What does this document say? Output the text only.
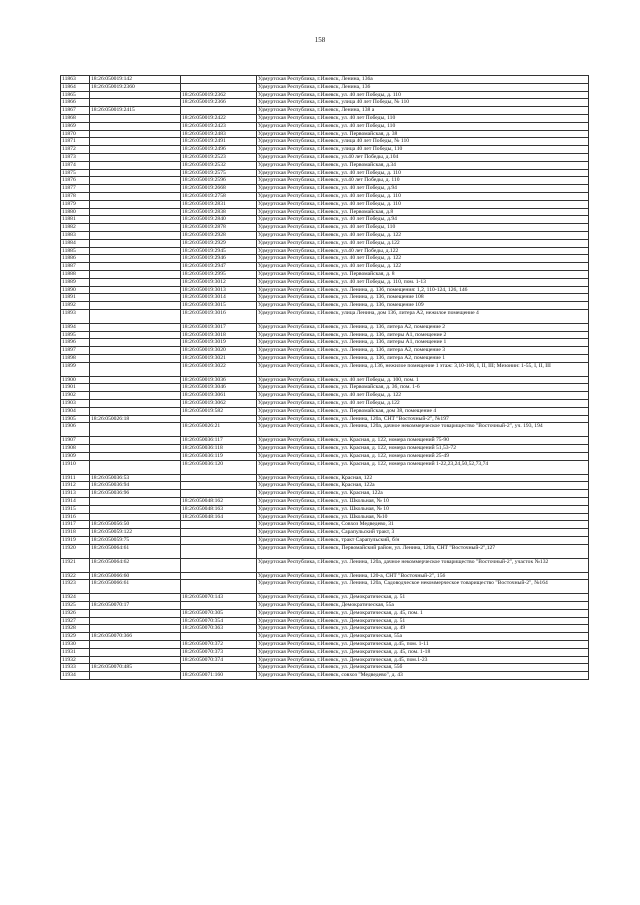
158
11863	18:26:050019:142		Удмуртская Республика, г.Ижевск, Ленина, 136а
11864	18:26:050019:2360		Удмуртская Республика, г.Ижевск, Ленина, 136
11865		18:26:050019:2362	Удмуртская Республика, г.Ижевск, ул. 40 лет Победы, д. 110
11866		18:26:050019:2366	Удмуртская Республика, г.Ижевск, улица 40 лет Победы, № 110
11867	18:26:050019:2415		Удмуртская Республика, г.Ижевск, Ленина, 138 а
11868		18:26:050019:2422	Удмуртская Республика, г.Ижевск, ул. 40 лет Победы, 110
11869		18:26:050019:2423	Удмуртская Республика, г.Ижевск, ул. 40 лет Победы, 110
11870		18:26:050019:2483	Удмуртская Республика, г.Ижевск, ул. Первомайская, д. 38
11871		18:26:050019:2491	Удмуртская Республика, г.Ижевск, улица 40 лет Победы, № 110
11872		18:26:050019:2496	Удмуртская Республика, г.Ижевск, улица 40 лет Победы, 110
11873		18:26:050019:2523	Удмуртская Республика, г.Ижевск, ул.40 лет Победы, д.104
11874		18:26:050019:2532	Удмуртская Республика, г.Ижевск, ул. Первомайская, д.34
11875		18:26:050019:2575	Удмуртская Республика, г.Ижевск, ул. 40 лет Победы, д. 110
11876		18:26:050019:2596	Удмуртская Республика, г.Ижевск, ул.40 лет Победы, д. 110
11877		18:26:050019:2668	Удмуртская Республика, г.Ижевск, ул. 40 лет Победы, д.94
11878		18:26:050019:2758	Удмуртская Республика, г.Ижевск, ул. 40 лет Победы, д. 110
11879		18:26:050019:2831	Удмуртская Республика, г.Ижевск, ул. 40 лет Победы, д. 110
11880		18:26:050019:2838	Удмуртская Республика, г.Ижевск, ул. Первомайская, д.8
11881		18:26:050019:2840	Удмуртская Республика, г.Ижевск, ул. 40 лет Победы, д.94
11882		18:26:050019:2878	Удмуртская Республика, г.Ижевск, ул. 40 лет Победы, 110
11883		18:26:050019:2928	Удмуртская Республика, г.Ижевск, ул. 40 лет Победы, д. 122
11884		18:26:050019:2929	Удмуртская Республика, г.Ижевск, ул. 40 лет Победы, д.122
11885		18:26:050019:2945	Удмуртская Республика, г.Ижевск, ул.40 лет Победы, д.122
11886		18:26:050019:2946	Удмуртская Республика, г.Ижевск, ул. 40 лет Победы, д. 122
11887		18:26:050019:2947	Удмуртская Республика, г.Ижевск, ул. 40 лет Победы, д. 122
11888		18:26:050019:2995	Удмуртская Республика, г.Ижевск, ул. Первомайская, д. 8
11889		18:26:050019:3012	Удмуртская Республика, г.Ижевск, ул. 40 лет Победы, д. 110, пом. 1-13
11890		18:26:050019:3013	Удмуртская Республика, г.Ижевск, ул. Ленина, д. 136, помещения: 1,2, 110-124, 126, 146
11891		18:26:050019:3014	Удмуртская Республика, г.Ижевск, ул. Ленина, д. 136, помещение 108
11892		18:26:050019:3015	Удмуртская Республика, г.Ижевск, ул. Ленина, д. 136, помещение 109
11893		18:26:050019:3016	Удмуртская Республика, г.Ижевск, улица Ленина, дом 136, литера А2, нежилое помещение 4
11894		18:26:050019:3017	Удмуртская Республика, г.Ижевск, ул. Ленина, д. 136, литера А2, помещение 2
11895		18:26:050019:3018	Удмуртская Республика, г.Ижевск, ул. Ленина, д. 136, литеры А1, помещение 2
11896		18:26:050019:3019	Удмуртская Республика, г.Ижевск, ул. Ленина, д. 136, литеры А1, помещение 1
11897		18:26:050019:3020	Удмуртская Республика, г.Ижевск, ул. Ленина, д. 136, литера А2, помещение 3
11898		18:26:050019:3021	Удмуртская Республика, г.Ижевск, ул. Ленина, д. 136, литера А2, помещение 1
11899		18:26:050019:3022	Удмуртская Республика, г.Ижевск, ул. Ленина, д.136, нежилое помещение 1 этаж: 3,10-106, I, II, III; Мезонин: 1-55, I, II, III
11900		18:26:050019:3036	Удмуртская Республика, г.Ижевск, ул. 40 лет Победы, д. 100, пом. 1
11901		18:26:050019:3046	Удмуртская Республика, г.Ижевск, ул. Первомайская, д. 36, пом. 1-6
11902		18:26:050019:3061	Удмуртская Республика, г.Ижевск, ул. 40 лет Победы, д. 122
11903		18:26:050019:3062	Удмуртская Республика, г.Ижевск, ул. 40 лет Победы, д.122
11904		18:26:050019:582	Удмуртская Республика, г.Ижевск, ул. Первомайская, дом 38, помещение 4
11905	18:26:050026:18		Удмуртская Республика, г.Ижевск, ул. Ленина, 120а, СНТ "Восточный-2", №197
11906		18:26:050026:21	Удмуртская Республика, г.Ижевск, ул. Ленина, 120а, дачное некоммерческое товарищество "Восточный-2", уч. 193, 194
11907		18:26:050036:117	Удмуртская Республика, г.Ижевск, ул. Красная, д. 122, номера помещений 75-90
11908		18:26:050036:118	Удмуртская Республика, г.Ижевск, ул. Красная, д. 122, номера помещений 51,53-72
11909		18:26:050036:119	Удмуртская Республика, г.Ижевск, ул. Красная, д. 122, номера помещений 25-49
11910		18:26:050036:120	Удмуртская Республика, г.Ижевск, ул. Красная, д. 122, номера помещений 1-22,23,24,50,52,73,74
11911	18:26:050036:53		Удмуртская Республика, г.Ижевск, Красная, 122
11912	18:26:050036:94		Удмуртская Республика, г.Ижевск, Красная, 122а
11913	18:26:050036:96		Удмуртская Республика, г.Ижевск, ул. Красная, 122а
11914		18:26:050048:162	Удмуртская Республика, г.Ижевск, ул. Школьная, № 10
11915		18:26:050048:163	Удмуртская Республика, г.Ижевск, ул. Школьная, № 10
11916		18:26:050048:164	Удмуртская Республика, г.Ижевск, ул. Школьная, №10
11917	18:26:050056:50		Удмуртская Республика, г.Ижевск, Совхоз Медведево, 31
11918	18:26:050059:122		Удмуртская Республика, г.Ижевск, Сарапульский тракт, 3
11919	18:26:050059:75		Удмуртская Республика, г.Ижевск, тракт Сарапульский, б/н
11920	18:26:050064:61		Удмуртская Республика, г.Ижевск, Первомайский район, ул. Ленина, 120а, СНТ "Восточный-2",127
11921	18:26:050064:62		Удмуртская Республика, г.Ижевск, ул. Ленина, 120а, дачное некоммерческое товарищество "Восточный-2", участок №132
11922	18:26:050066:60		Удмуртская Республика, г.Ижевск, ул. Ленина, 120-а, СНТ "Восточный-2", 156
11923	18:26:050066:61		Удмуртская Республика, г.Ижевск, ул. Ленина, 120а, Садоводческое некоммерческое товарищество "Восточный-2", №164
11924		18:26:050070:143	Удмуртская Республика, г.Ижевск, ул. Демократическая, д. 51
11925	18:26:050070:17		Удмуртская Республика, г.Ижевск, Демократическая, 55а
11926		18:26:050070:305	Удмуртская Республика, г.Ижевск, ул. Демократическая, д. 45, пом. 1
11927		18:26:050070:354	Удмуртская Республика, г.Ижевск, ул. Демократическая, д. 51
11928		18:26:050070:363	Удмуртская Республика, г.Ижевск, ул. Демократическая, д. 49
11929	18:26:050070:366		Удмуртская Республика, г.Ижевск, ул. Демократическая, 55а
11930		18:26:050070:372	Удмуртская Республика, г.Ижевск, ул. Демократическая, д.45, пом. 1-11
11931		18:26:050070:373	Удмуртская Республика, г.Ижевск, ул. Демократическая, д. 45, пом. 1-18
11932		18:26:050070:374	Удмуртская Республика, г.Ижевск, ул. Демократическая, д.45, пом.1-23
11933	18:26:050070:485		Удмуртская Республика, г.Ижевск, ул. Демократическая, 55б
11934		18:26:050071:160	Удмуртская Республика, г.Ижевск, совхоз "Медведево", д. 43
